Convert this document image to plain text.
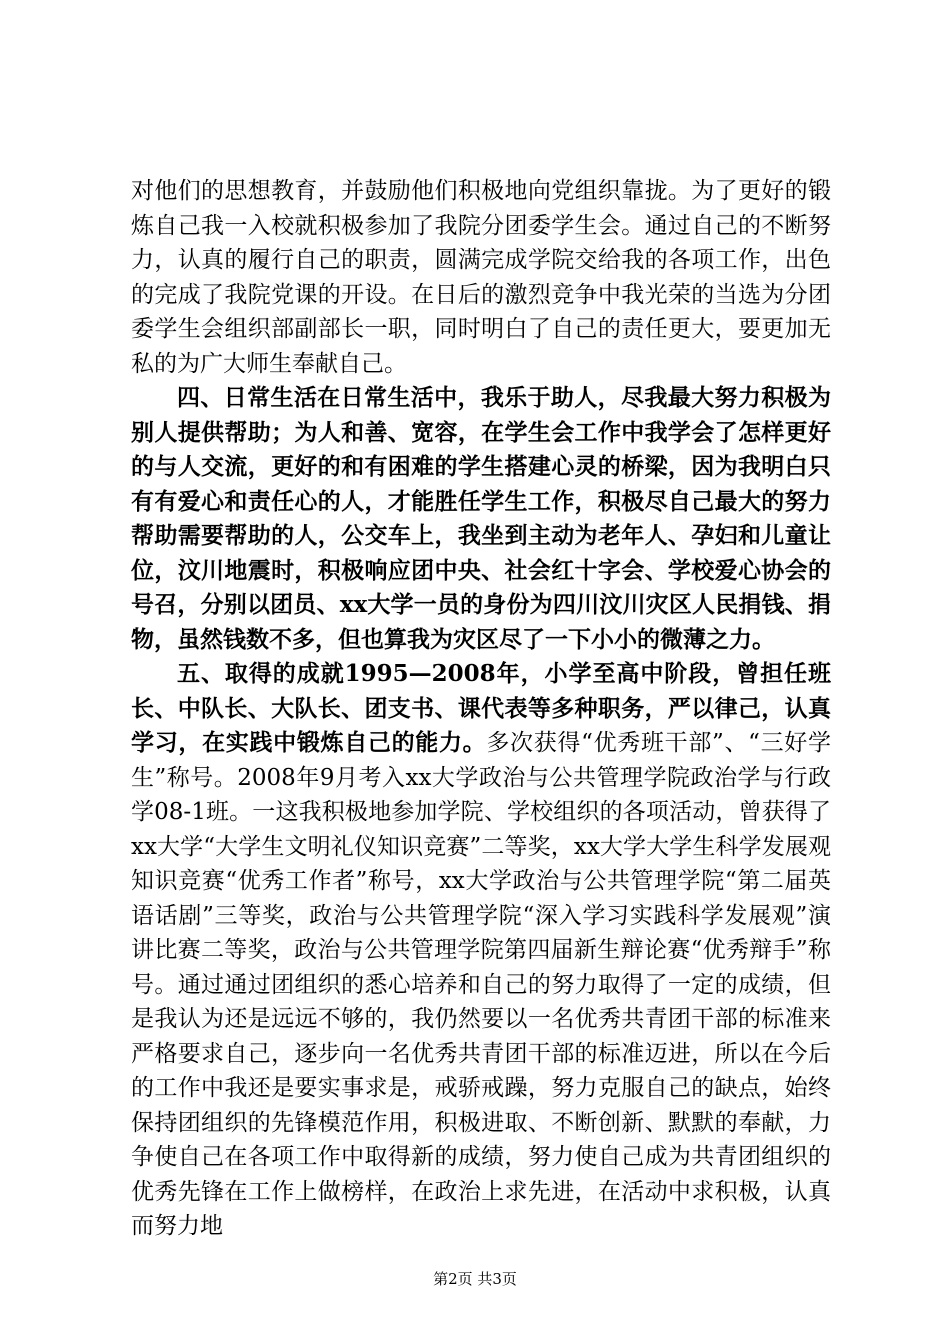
对他们的思想教育，并鼓励他们积极地向党组织靠拢。为了更好的锻炼自己我一入校就积极参加了我院分团委学生会。通过自己的不断努力，认真的履行自己的职责，圆满完成学院交给我的各项工作，出色的完成了我院党课的开设。在日后的激烈竞争中我光荣的当选为分团委学生会组织部副部长一职，同时明白了自己的责任更大，要更加无私的为广大师生奉献自己。

四、日常生活在日常生活中，我乐于助人，尽我最大努力积极为别人提供帮助；为人和善、宽容，在学生会工作中我学会了怎样更好的与人交流，更好的和有困难的学生搭建心灵的桥梁，因为我明白只有有爱心和责任心的人，才能胜任学生工作，积极尽自己最大的努力帮助需要帮助的人，公交车上，我坐到主动为老年人、孕妇和儿童让位，汶川地震时，积极响应团中央、社会红十字会、学校爱心协会的号召，分别以团员、xx大学一员的身份为四川汶川灾区人民捐钱、捐物，虽然钱数不多，但也算我为灾区尽了一下小小的微薄之力。

五、取得的成就1995—2008年，小学至高中阶段，曾担任班长、中队长、大队长、团支书、课代表等多种职务，严以律己，认真学习，在实践中锻炼自己的能力。多次获得“优秀班干部”、“三好学生”称号。2008年9月考入xx大学政治与公共管理学院政治学与行政学08-1班。一这我积极地参加学院、学校组织的各项活动，曾获得了xx大学“大学生文明礼仪知识竞赛”二等奖，xx大学大学生科学发展观知识竞赛“优秀工作者”称号，xx大学政治与公共管理学院“第二届英语话剧”三等奖，政治与公共管理学院“深入学习实践科学发展观”演讲比赛二等奖，政治与公共管理学院第四届新生辩论赛“优秀辩手”称号。通过通过团组织的悉心培养和自己的努力取得了一定的成绩，但是我认为还是远远不够的，我仍然要以一名优秀共青团干部的标准来严格要求自己，逐步向一名优秀共青团干部的标准迈进，所以在今后的工作中我还是要实事求是，戒骄戒躁，努力克服自己的缺点，始终保持团组织的先锋模范作用，积极进取、不断创新、默默的奉献，力争使自己在各项工作中取得新的成绩，努力使自己成为共青团组织的优秀先锋在工作上做榜样，在政治上求先进，在活动中求积极，认真而努力地

第2页 共3页
